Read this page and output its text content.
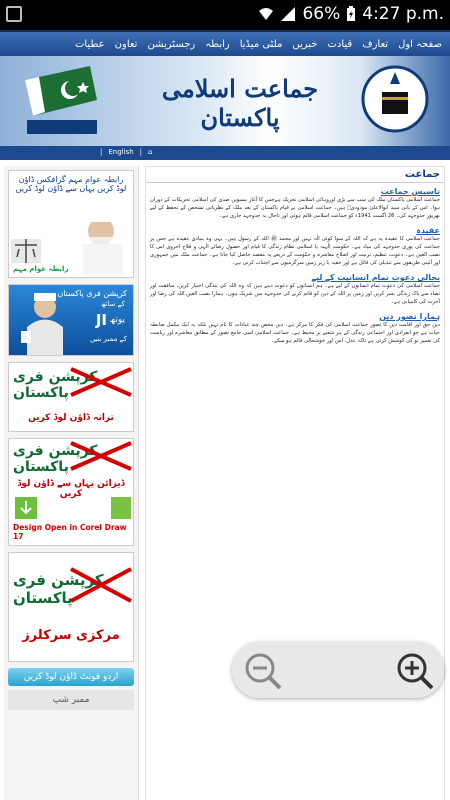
66% 4:27 p.m.
صفحہ اول
تعارف
قیادت
خبریں
ملٹی میڈیا
رابطہ
رجسٹریشن
تعاون
عطیات
جماعت اسلامی پاکستان
| English | ⌂
رابطہ عوام مہم گرافکس ڈاؤن لوڈ کریں یہاں سے ڈاؤن لوڈ کریں
رابطہ عوام مہم
کرپشن فری پاکستان
کے ساتھ
JI یوتھ
کے ممبر بنیں
کرپشن فری پاکستان
ترانہ ڈاؤن لوڈ کریں
کرپشن فری پاکستان
ڈیزائن یہاں سے ڈاؤن لوڈ کریں
Design Open in Corel Draw 17
کرپشن فری پاکستان
مرکزی سرکلرز
اردو فونٹ ڈاؤن لوڈ کریں
ممبر شپ
جماعت
تاسیس جماعت

جماعت اسلامی پاکستان ملک کی سب سے بڑی اوروہائی اسلامی تحریک ہےجس کا آغاز بیسویں صدی کی اسلامی تحریکات کے دوران ہوا۔ اس کے بانی سید ابوالاعلیٰ مودودیؒ ہیں۔ جماعت اسلامی نے قیام پاکستان کے بعد ملک کے نظریاتی تشخص کے تحفظ کے لیے بھرپور جدوجہد کی۔ 26 اگست 1941ء کو جماعت اسلامی قائم ہوئی اور تاحال یہ جدوجہد جاری ہے۔

عقیدہ

جماعت اسلامی کا عقیدہ یہ ہے کہ اللہ کے سوا کوئی الٰہ نہیں اور محمد ﷺ اللہ کے رسول ہیں۔ یہی وہ بنیادی عقیدہ ہے جس پر جماعت کی پوری جدوجہد کی بنیاد ہے۔ حکومت الٰہیہ یا اسلامی نظام زندگی کا قیام اور حصول رضائے الٰہی و فلاح اخروی اس کا نصب العین ہے۔ دعوت، تنظیم، تربیت اور اصلاح معاشرہ و حکومت کے ذریعے یہ مقصد حاصل کیا جاتا ہے۔ جماعت ملک میں جمہوری اور آئینی طریقوں سے تبدیلی کی قائل ہے اور خفیہ یا زیر زمین سرگرمیوں سے اجتناب کرتی ہے۔

بحالی دعوت تمام انسانیت کے لیے

جماعت اسلامی کی دعوت تمام انسانوں کے لیے ہے۔ ہم انسانوں کو دعوت دیتے ہیں کہ وہ اللہ کی بندگی اختیار کریں، منافقت اور تضاد سے پاک زندگی بسر کریں اور زمین پر اللہ کے دین کو قائم کرنے کی جدوجہد میں شریک ہوں۔ ہمارا نصب العین اللہ کی رضا اور آخرت کی کامیابی ہے۔

ہمارا تصور دین

دین حق اور اقامت دین کا تصور جماعت اسلامی کی فکر کا مرکز ہے۔ دین محض چند عبادات کا نام نہیں بلکہ یہ ایک مکمل ضابطہ حیات ہے جو انفرادی اور اجتماعی زندگی کے ہر شعبے پر محیط ہے۔ جماعت اسلامی اسی جامع تصور کے مطابق معاشرے اور ریاست کی تعمیر نو کی کوشش کرتی ہے تاکہ عدل، امن اور خوشحالی قائم ہو سکے۔
